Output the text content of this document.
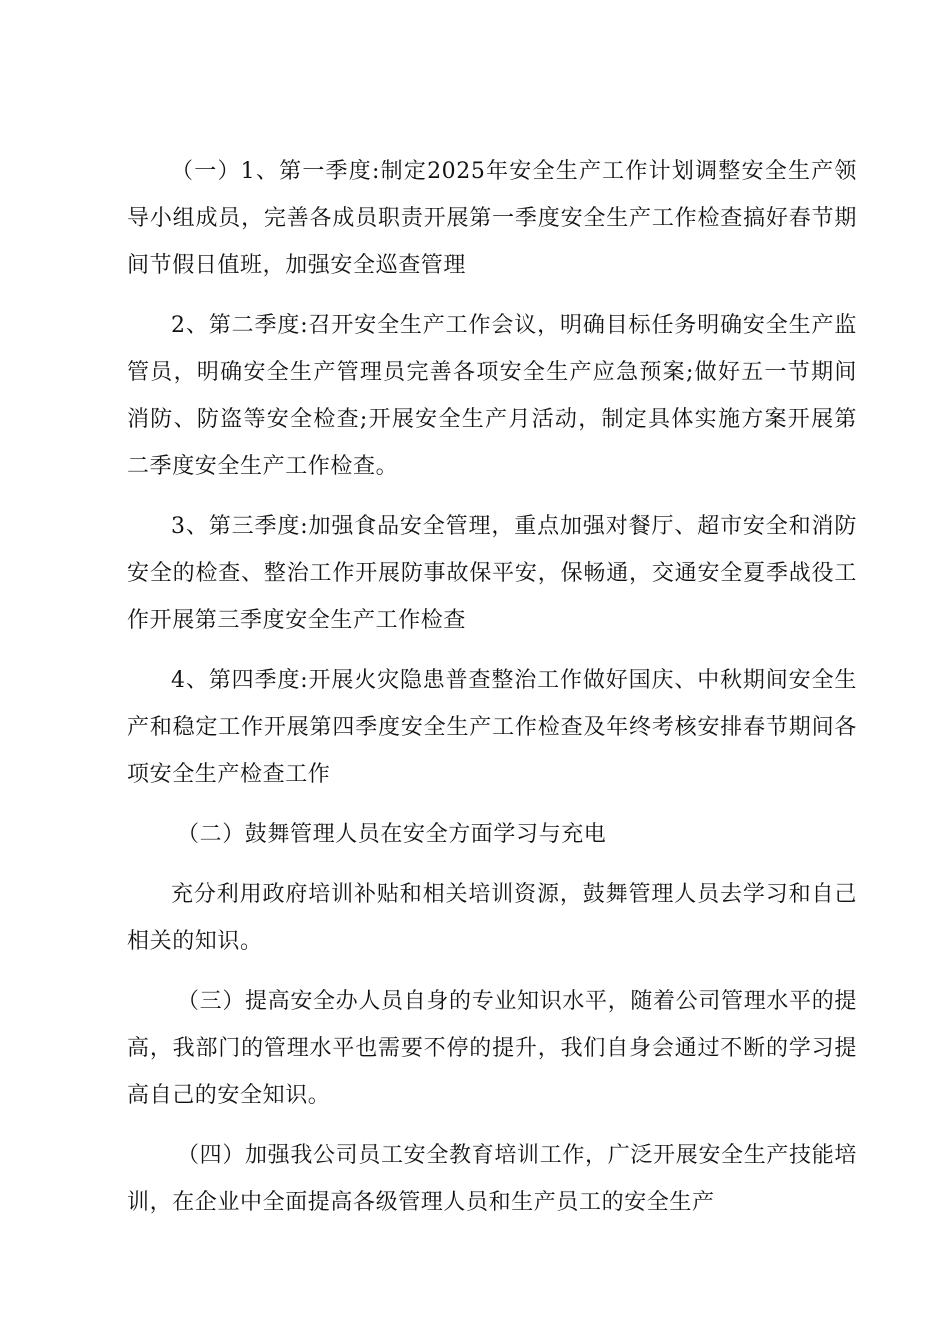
（一）1、第一季度:制定2025年安全生产工作计划调整安全生产领导小组成员，完善各成员职责开展第一季度安全生产工作检查搞好春节期间节假日值班，加强安全巡查管理

2、第二季度:召开安全生产工作会议，明确目标任务明确安全生产监管员，明确安全生产管理员完善各项安全生产应急预案;做好五一节期间消防、防盗等安全检查;开展安全生产月活动，制定具体实施方案开展第二季度安全生产工作检查。

3、第三季度:加强食品安全管理，重点加强对餐厅、超市安全和消防安全的检查、整治工作开展防事故保平安，保畅通，交通安全夏季战役工作开展第三季度安全生产工作检查

4、第四季度:开展火灾隐患普查整治工作做好国庆、中秋期间安全生产和稳定工作开展第四季度安全生产工作检查及年终考核安排春节期间各项安全生产检查工作

（二）鼓舞管理人员在安全方面学习与充电

充分利用政府培训补贴和相关培训资源，鼓舞管理人员去学习和自己相关的知识。

（三）提高安全办人员自身的专业知识水平，随着公司管理水平的提高，我部门的管理水平也需要不停的提升，我们自身会通过不断的学习提高自己的安全知识。

（四）加强我公司员工安全教育培训工作，广泛开展安全生产技能培训，在企业中全面提高各级管理人员和生产员工的安全生产
